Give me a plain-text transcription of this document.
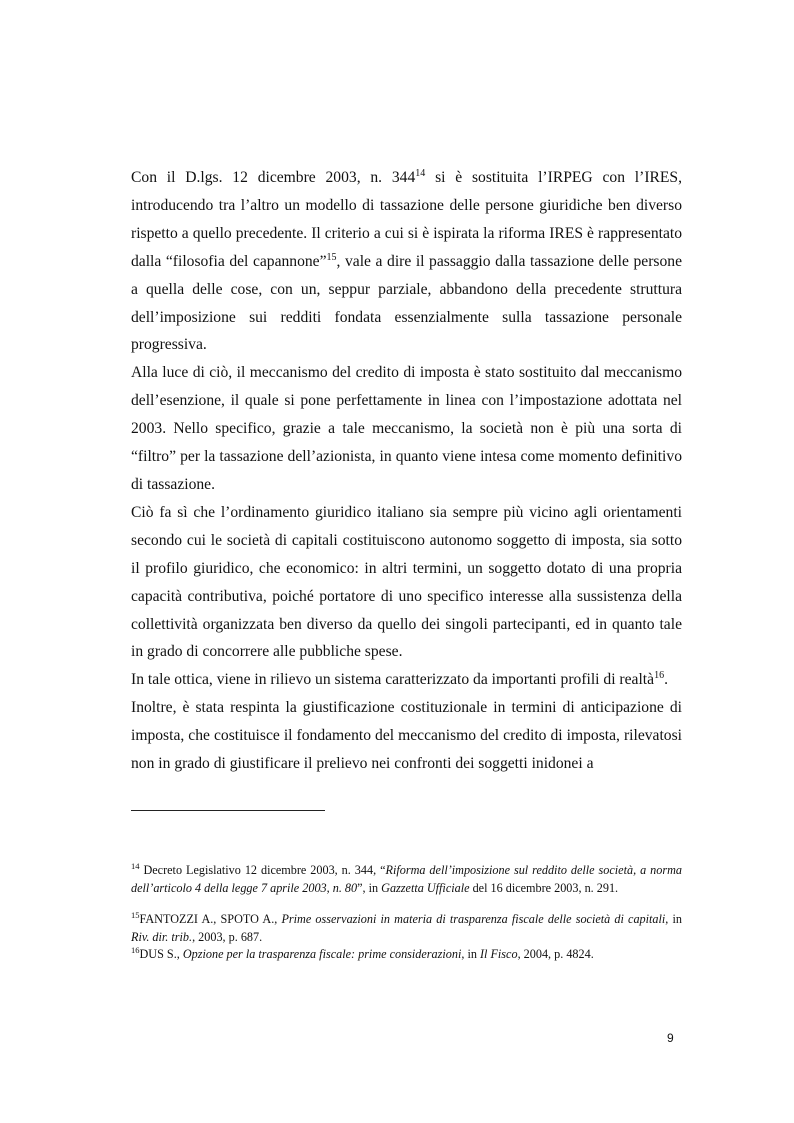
Con il D.lgs. 12 dicembre 2003, n. $344^{14}$ si è sostituita l’IRPEG con l’IRES, introducendo tra l’altro un modello di tassazione delle persone giuridiche ben diverso rispetto a quello precedente. Il criterio a cui si è ispirata la riforma IRES è rappresentato dalla “filosofia del capannone”$^{15}$, vale a dire il passaggio dalla tassazione delle persone a quella delle cose, con un, seppur parziale, abbandono della precedente struttura dell’imposizione sui redditi fondata essenzialmente sulla tassazione personale progressiva.

Alla luce di ciò, il meccanismo del credito di imposta è stato sostituito dal meccanismo dell’esenzione, il quale si pone perfettamente in linea con l’impostazione adottata nel 2003. Nello specifico, grazie a tale meccanismo, la società non è più una sorta di “filtro” per la tassazione dell’azionista, in quanto viene intesa come momento definitivo di tassazione.

Ciò fa sì che l’ordinamento giuridico italiano sia sempre più vicino agli orientamenti secondo cui le società di capitali costituiscono autonomo soggetto di imposta, sia sotto il profilo giuridico, che economico: in altri termini, un soggetto dotato di una propria capacità contributiva, poiché portatore di uno specifico interesse alla sussistenza della collettività organizzata ben diverso da quello dei singoli partecipanti, ed in quanto tale in grado di concorrere alle pubbliche spese.

In tale ottica, viene in rilievo un sistema caratterizzato da importanti profili di realtà$^{16}$.

Inoltre, è stata respinta la giustificazione costituzionale in termini di anticipazione di imposta, che costituisce il fondamento del meccanismo del credito di imposta, rilevatosi non in grado di giustificare il prelievo nei confronti dei soggetti inidonei a

$^{14}$ Decreto Legislativo 12 dicembre 2003, n. 344, “Riforma dell’imposizione sul reddito delle società, a norma dell’articolo 4 della legge 7 aprile 2003, n. 80”, in Gazzetta Ufficiale del 16 dicembre 2003, n. 291.

$^{15}$FANTOZZI A., SPOTO A., Prime osservazioni in materia di trasparenza fiscale delle società di capitali, in Riv. dir. trib., 2003, p. 687.

$^{16}$DUS S., Opzione per la trasparenza fiscale: prime considerazioni, in Il Fisco, 2004, p. 4824.

9
